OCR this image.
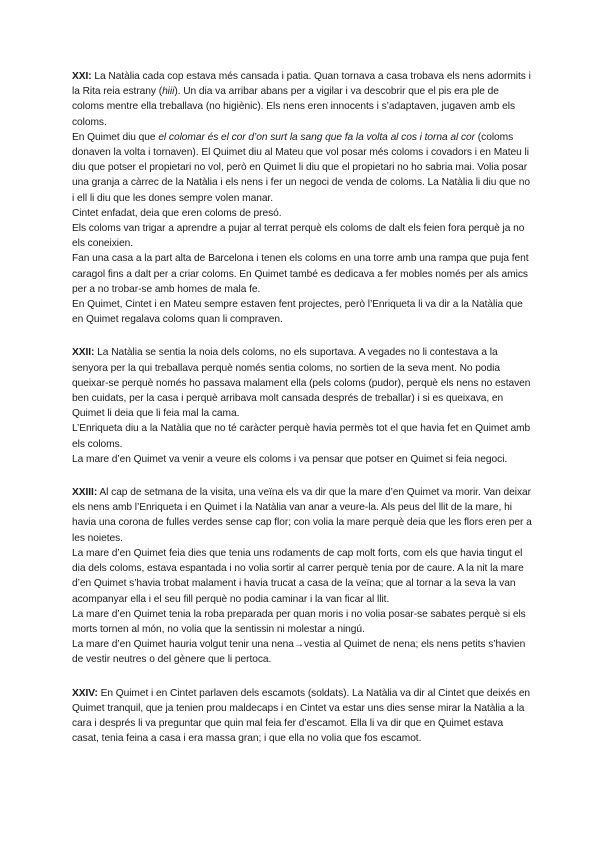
XXI: La Natàlia cada cop estava més cansada i patia. Quan tornava a casa trobava els nens adormits i la Rita reia estrany (hiii). Un dia va arribar abans per a vigilar i va descobrir que el pis era ple de coloms mentre ella treballava (no higiènic). Els nens eren innocents i s’adaptaven, jugaven amb els coloms.

En Quimet diu que el colomar és el cor d’on surt la sang que fa la volta al cos i torna al cor (coloms donaven la volta i tornaven). El Quimet diu al Mateu que vol posar més coloms i covadors i en Mateu li diu que potser el propietari no vol, però en Quimet li diu que el propietari no ho sabria mai. Volia posar una granja a càrrec de la Natàlia i els nens i fer un negoci de venda de coloms. La Natàlia li diu que no i ell li diu que les dones sempre volen manar.

Cintet enfadat, deia que eren coloms de presó.

Els coloms van trigar a aprendre a pujar al terrat perquè els coloms de dalt els feien fora perquè ja no els coneixien.

Fan una casa a la part alta de Barcelona i tenen els coloms en una torre amb una rampa que puja fent caragol fins a dalt per a criar coloms. En Quimet també es dedicava a fer mobles només per als amics per a no trobar-se amb homes de mala fe.

En Quimet, Cintet i en Mateu sempre estaven fent projectes, però l’Enriqueta li va dir a la Natàlia que en Quimet regalava coloms quan li compraven.

XXII: La Natàlia se sentia la noia dels coloms, no els suportava. A vegades no li contestava a la senyora per la qui treballava perquè només sentia coloms, no sortien de la seva ment. No podia queixar-se perquè només ho passava malament ella (pels coloms (pudor), perquè els nens no estaven ben cuidats, per la casa i perquè arribava molt cansada després de treballar) i si es queixava, en Quimet li deia que li feia mal la cama.

L’Enriqueta diu a la Natàlia que no té caràcter perquè havia permès tot el que havia fet en Quimet amb els coloms.

La mare d’en Quimet va venir a veure els coloms i va pensar que potser en Quimet si feia negoci.

XXIII: Al cap de setmana de la visita, una veïna els va dir que la mare d’en Quimet va morir. Van deixar els nens amb l’Enriqueta i en Quimet i la Natàlia van anar a veure-la. Als peus del llit de la mare, hi havia una corona de fulles verdes sense cap flor; con volia la mare perquè deia que les flors eren per a les noietes.

La mare d’en Quimet feia dies que tenia uns rodaments de cap molt forts, com els que havia tingut el dia dels coloms, estava espantada i no volia sortir al carrer perquè tenia por de caure. A la nit la mare d’en Quimet s’havia trobat malament i havia trucat a casa de la veïna; que al tornar a la seva la van acompanyar ella i el seu fill perquè no podia caminar i la van ficar al llit.

La mare d’en Quimet tenia la roba preparada per quan moris i no volia posar-se sabates perquè si els morts tornen al món, no volia que la sentissin ni molestar a ningú.

La mare d’en Quimet hauria volgut tenir una nena→vestia al Quimet de nena; els nens petits s’havien de vestir neutres o del gènere que li pertoca.

XXIV: En Quimet i en Cintet parlaven dels escamots (soldats). La Natàlia va dir al Cintet que deixés en Quimet tranquil, que ja tenien prou maldecaps i en Cintet va estar uns dies sense mirar la Natàlia a la cara i després li va preguntar que quin mal feia fer d’escamot. Ella li va dir que en Quimet estava casat, tenia feina a casa i era massa gran; i que ella no volia que fos escamot.
